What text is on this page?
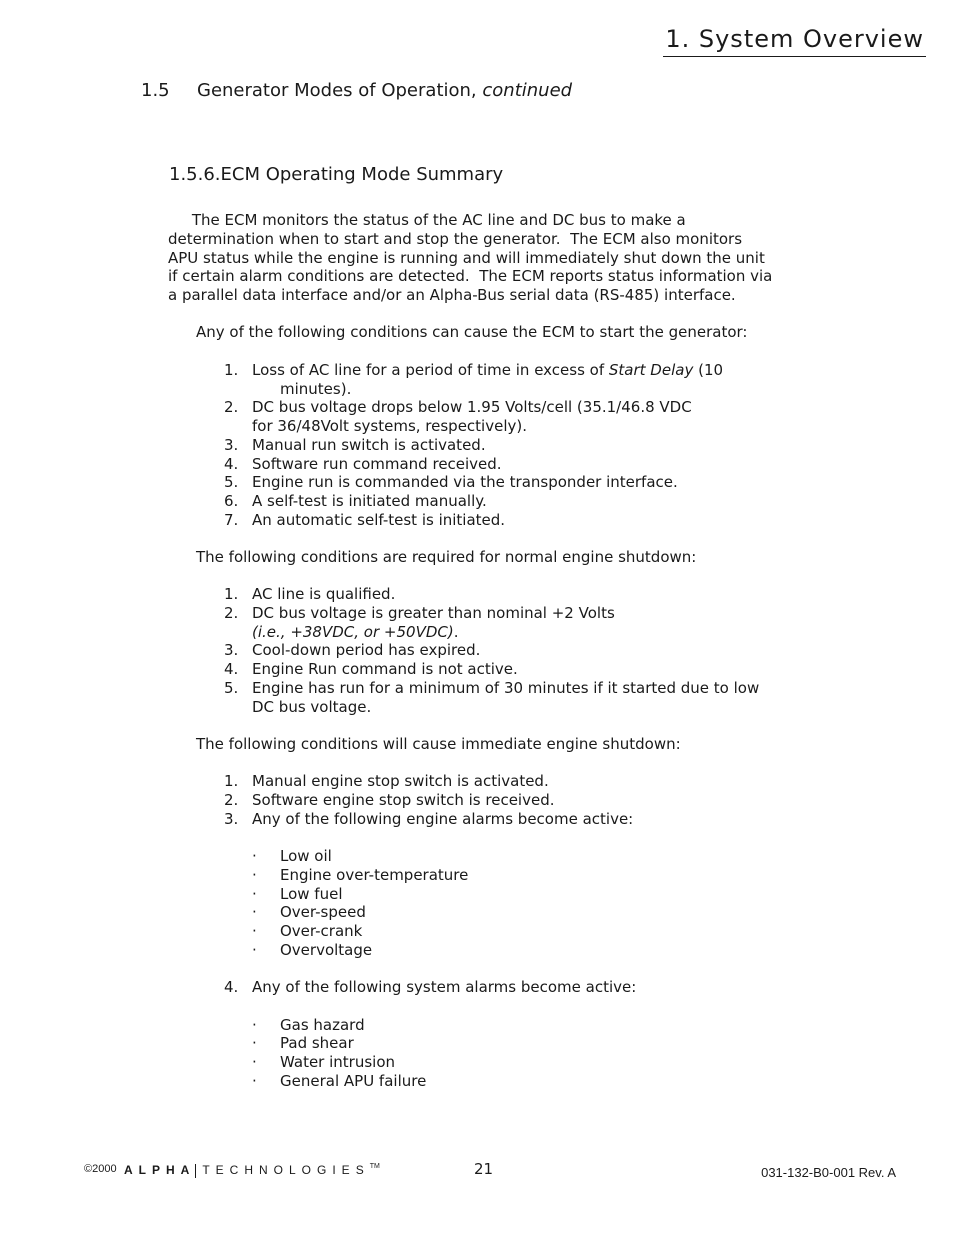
1. System Overview
1.5 Generator Modes of Operation, continued
1.5.6.ECM Operating Mode Summary
The ECM monitors the status of the AC line and DC bus to make a
determination when to start and stop the generator.  The ECM also monitors
APU status while the engine is running and will immediately shut down the unit
if certain alarm conditions are detected.  The ECM reports status information via
a parallel data interface and/or an Alpha-Bus serial data (RS-485) interface.
Any of the following conditions can cause the ECM to start the generator:
1. Loss of AC line for a period of time in excess of Start Delay (10
minutes).
2. DC bus voltage drops below 1.95 Volts/cell (35.1/46.8 VDC
for 36/48Volt systems, respectively).
3. Manual run switch is activated.
4. Software run command received.
5. Engine run is commanded via the transponder interface.
6. A self-test is initiated manually.
7. An automatic self-test is initiated.
The following conditions are required for normal engine shutdown:
1. AC line is qualified.
2. DC bus voltage is greater than nominal +2 Volts
(i.e., +38VDC, or +50VDC).
3. Cool-down period has expired.
4. Engine Run command is not active.
5. Engine has run for a minimum of 30 minutes if it started due to low
DC bus voltage.
The following conditions will cause immediate engine shutdown:
1. Manual engine stop switch is activated.
2. Software engine stop switch is received.
3. Any of the following engine alarms become active:
· Low oil
· Engine over-temperature
· Low fuel
· Over-speed
· Over-crank
· Overvoltage
4. Any of the following system alarms become active:
· Gas hazard
· Pad shear
· Water intrusion
· General APU failure
©2000 ALPHA TECHNOLOGIES™	21	031-132-B0-001 Rev. A
